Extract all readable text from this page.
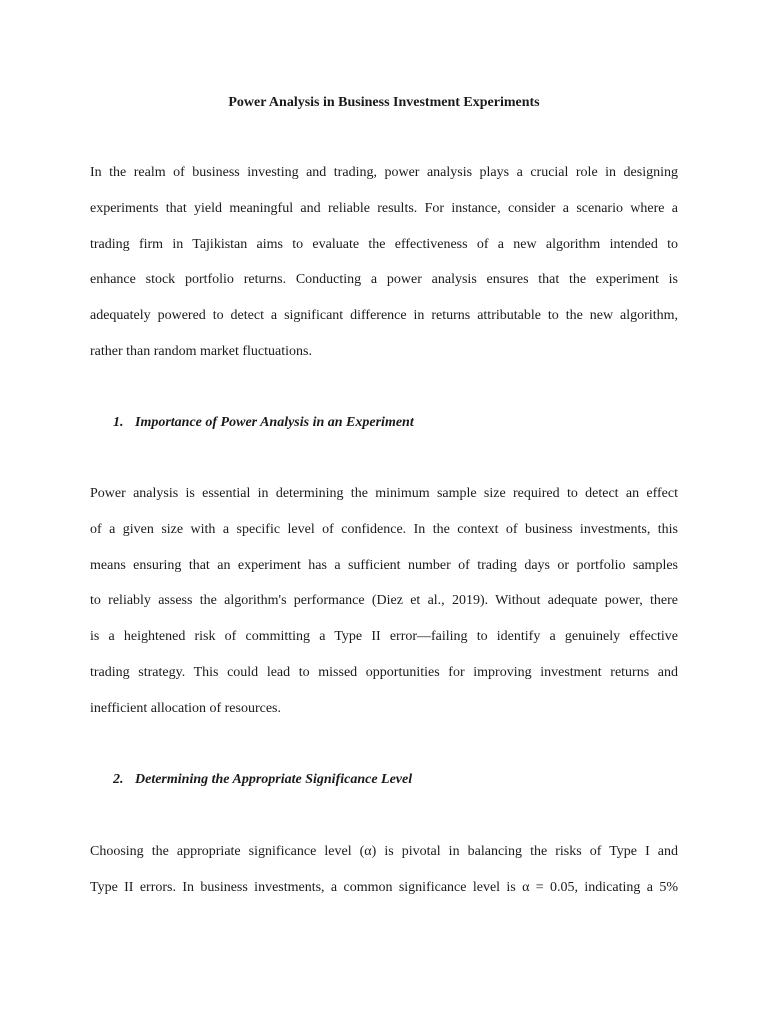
Power Analysis in Business Investment Experiments

In the realm of business investing and trading, power analysis plays a crucial role in designing
experiments that yield meaningful and reliable results. For instance, consider a scenario where a
trading firm in Tajikistan aims to evaluate the effectiveness of a new algorithm intended to
enhance stock portfolio returns. Conducting a power analysis ensures that the experiment is
adequately powered to detect a significant difference in returns attributable to the new algorithm,
rather than random market fluctuations.

1. Importance of Power Analysis in an Experiment

Power analysis is essential in determining the minimum sample size required to detect an effect
of a given size with a specific level of confidence. In the context of business investments, this
means ensuring that an experiment has a sufficient number of trading days or portfolio samples
to reliably assess the algorithm's performance (Diez et al., 2019). Without adequate power, there
is a heightened risk of committing a Type II error—failing to identify a genuinely effective
trading strategy. This could lead to missed opportunities for improving investment returns and
inefficient allocation of resources.

2. Determining the Appropriate Significance Level

Choosing the appropriate significance level (α) is pivotal in balancing the risks of Type I and
Type II errors. In business investments, a common significance level is α = 0.05, indicating a 5%
